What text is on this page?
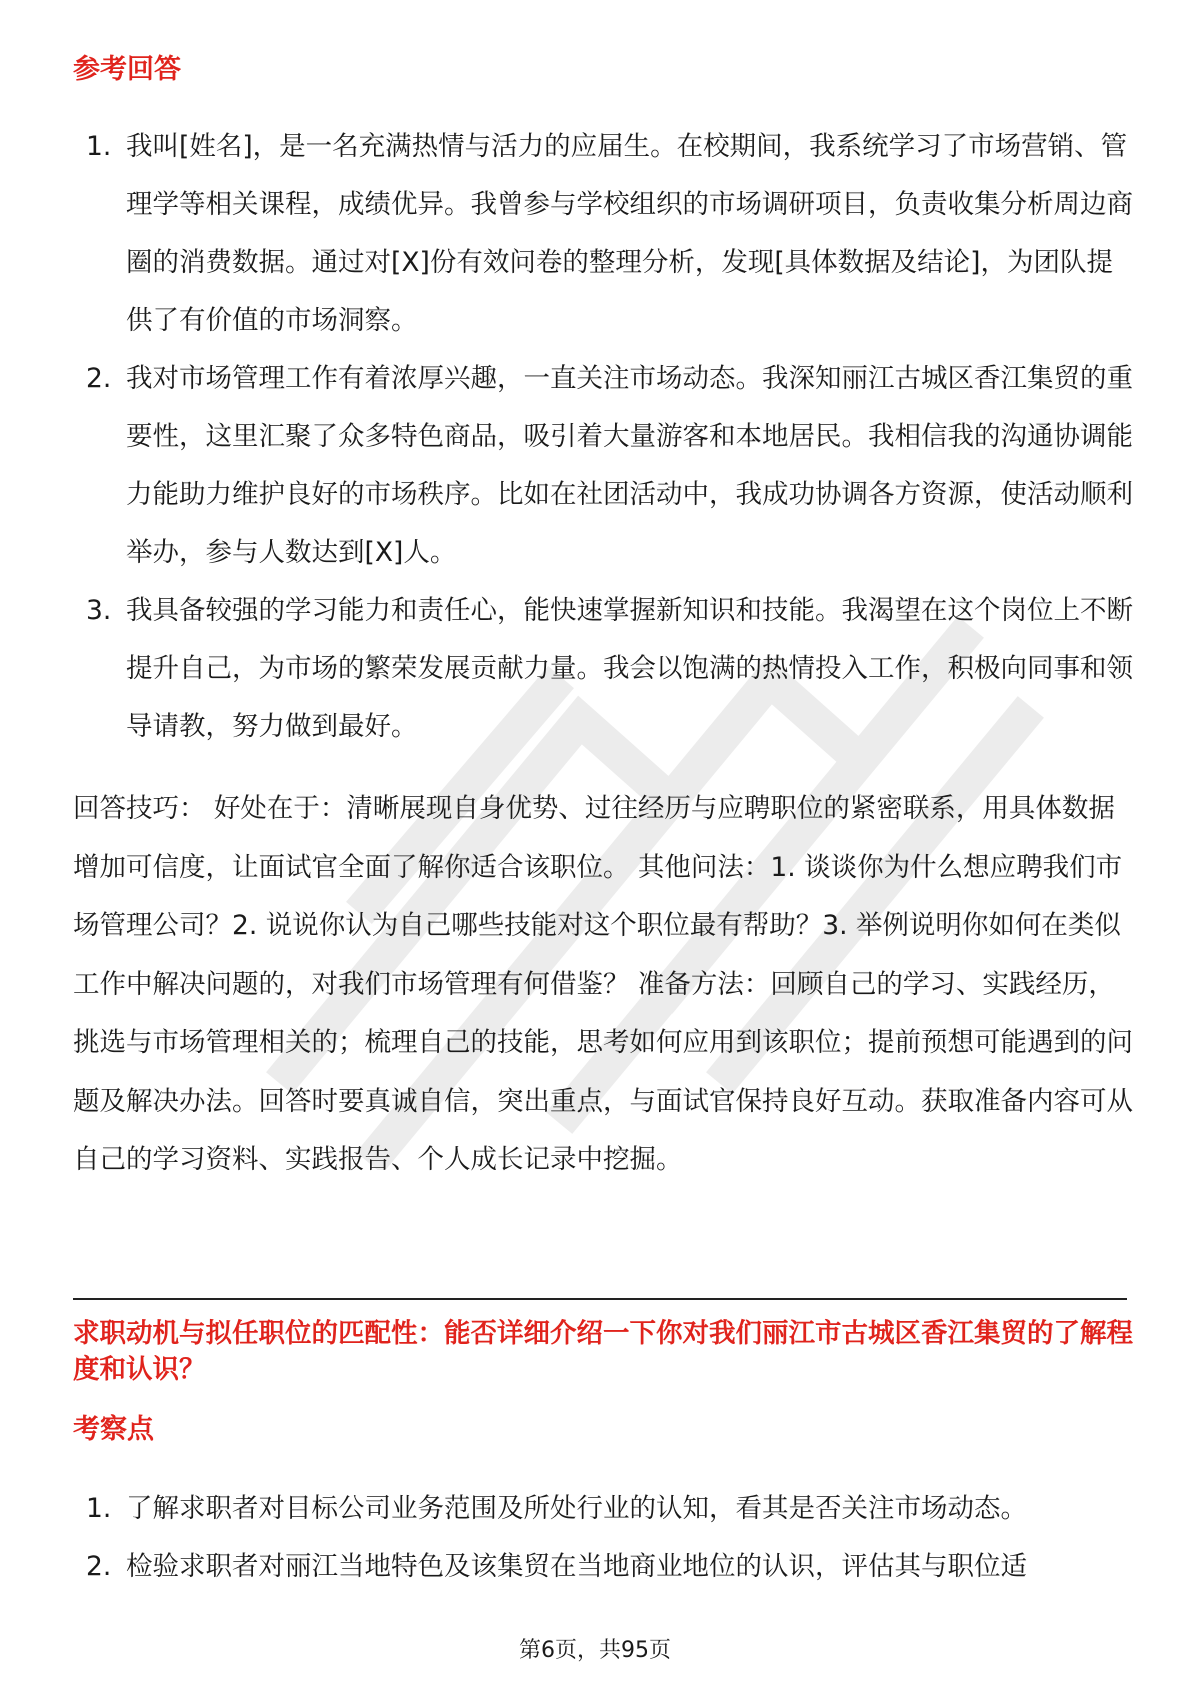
参考回答
1. 我叫[姓名]，是一名充满热情与活力的应届生。在校期间，我系统学习了市场营销、管理学等相关课程，成绩优异。我曾参与学校组织的市场调研项目，负责收集分析周边商圈的消费数据。通过对[X]份有效问卷的整理分析，发现[具体数据及结论]，为团队提供了有价值的市场洞察。
2. 我对市场管理工作有着浓厚兴趣，一直关注市场动态。我深知丽江古城区香江集贸的重要性，这里汇聚了众多特色商品，吸引着大量游客和本地居民。我相信我的沟通协调能力能助力维护良好的市场秩序。比如在社团活动中，我成功协调各方资源，使活动顺利举办，参与人数达到[X]人。
3. 我具备较强的学习能力和责任心，能快速掌握新知识和技能。我渴望在这个岗位上不断提升自己，为市场的繁荣发展贡献力量。我会以饱满的热情投入工作，积极向同事和领导请教，努力做到最好。

回答技巧： 好处在于：清晰展现自身优势、过往经历与应聘职位的紧密联系，用具体数据增加可信度，让面试官全面了解你适合该职位。 其他问法：1. 谈谈你为什么想应聘我们市场管理公司？2. 说说你认为自己哪些技能对这个职位最有帮助？3. 举例说明你如何在类似工作中解决问题的，对我们市场管理有何借鉴？ 准备方法：回顾自己的学习、实践经历，挑选与市场管理相关的；梳理自己的技能，思考如何应用到该职位；提前预想可能遇到的问题及解决办法。回答时要真诚自信，突出重点，与面试官保持良好互动。获取准备内容可从自己的学习资料、实践报告、个人成长记录中挖掘。

求职动机与拟任职位的匹配性：能否详细介绍一下你对我们丽江市古城区香江集贸的了解程度和认识？
考察点
1. 了解求职者对目标公司业务范围及所处行业的认知，看其是否关注市场动态。
2. 检验求职者对丽江当地特色及该集贸在当地商业地位的认识，评估其与职位适
第6页，共95页
